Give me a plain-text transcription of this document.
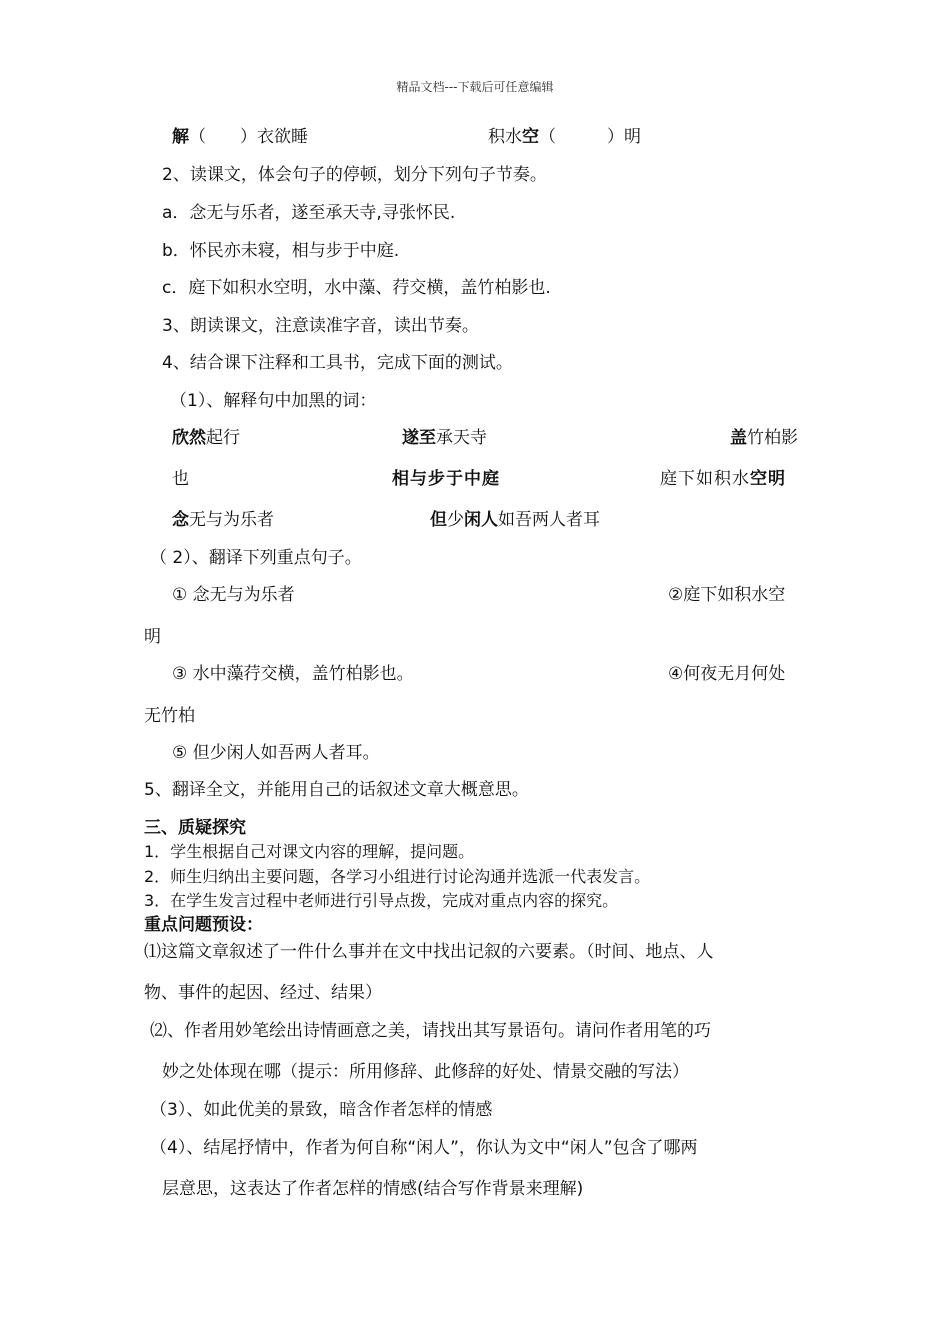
精品文档---下载后可任意编辑
解（　　）衣欲睡	积水空（　　　）明
2、读课文，体会句子的停顿，划分下列句子节奏。
a．念无与乐者，遂至承天寺,寻张怀民.
b．怀民亦未寝，相与步于中庭.
c．庭下如积水空明，水中藻、荇交横，盖竹柏影也.
3、朗读课文，注意读准字音，读出节奏。
4、结合课下注释和工具书，完成下面的测试。
（1）、解释句中加黑的词：
欣然起行	遂至承天寺	盖竹柏影
也	相与步于中庭	庭下如积水空明
念无与为乐者	但少闲人如吾两人者耳
（ 2）、翻译下列重点句子。
① 念无与为乐者	②庭下如积水空
明
③ 水中藻荇交横，盖竹柏影也。	④何夜无月何处
无竹柏
⑤ 但少闲人如吾两人者耳。
5、翻译全文，并能用自己的话叙述文章大概意思。
三、质疑探究
1．学生根据自己对课文内容的理解，提问题。
2．师生归纳出主要问题，各学习小组进行讨论沟通并选派一代表发言。
3．在学生发言过程中老师进行引导点拨，完成对重点内容的探究。
重点问题预设：
⑴这篇文章叙述了一件什么事并在文中找出记叙的六要素。（时间、地点、人
物、事件的起因、经过、结果）
⑵、作者用妙笔绘出诗情画意之美，请找出其写景语句。请问作者用笔的巧
妙之处体现在哪（提示：所用修辞、此修辞的好处、情景交融的写法）
（3）、如此优美的景致，暗含作者怎样的情感
（4）、结尾抒情中，作者为何自称“闲人”，你认为文中“闲人”包含了哪两
层意思，这表达了作者怎样的情感(结合写作背景来理解)
